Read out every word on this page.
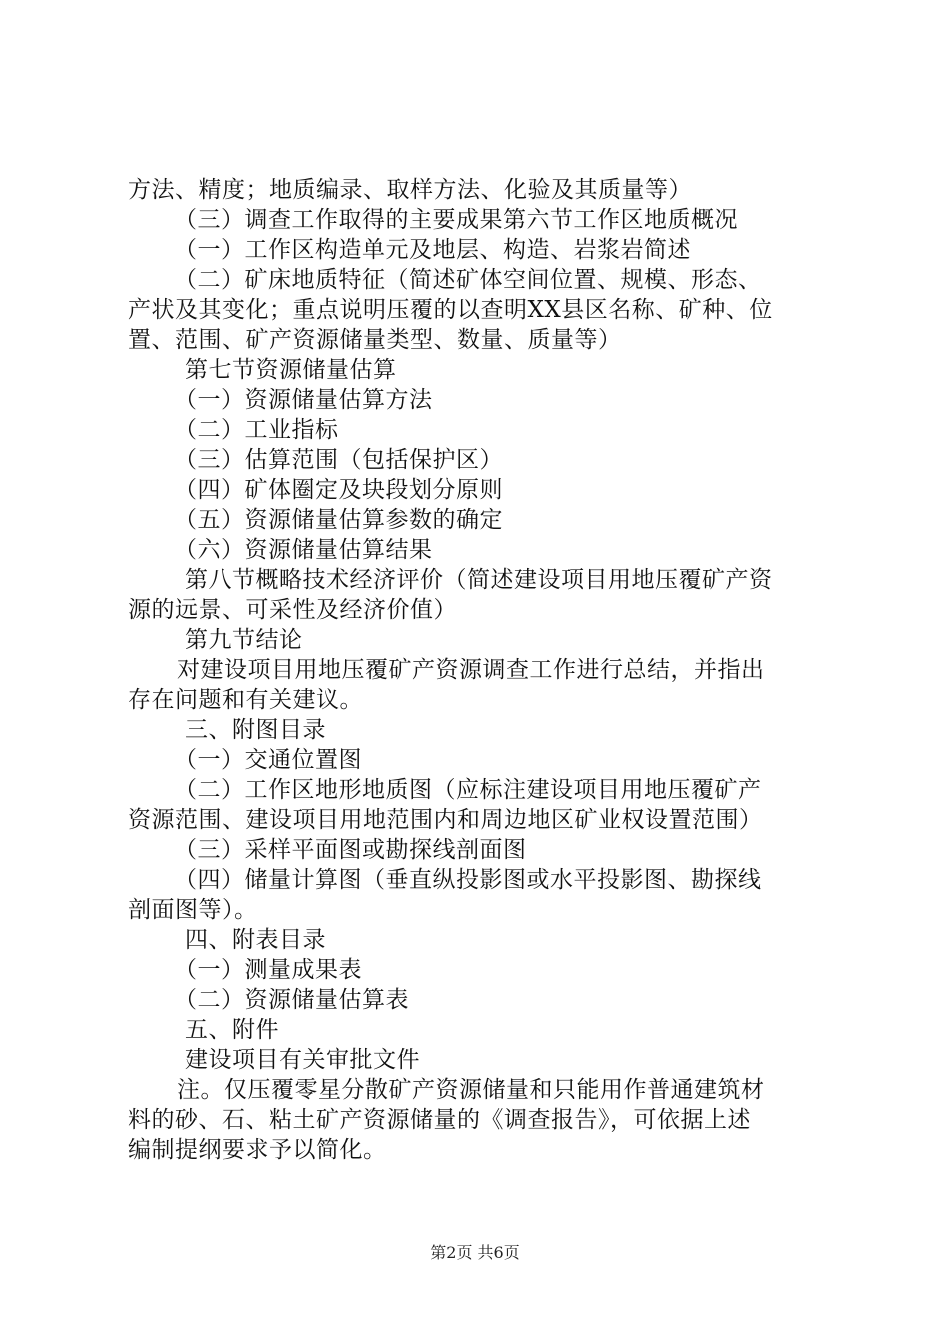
方法、精度；地质编录、取样方法、化验及其质量等）
（三）调查工作取得的主要成果第六节工作区地质概况
（一）工作区构造单元及地层、构造、岩浆岩简述
（二）矿床地质特征（简述矿体空间位置、规模、形态、
产状及其变化；重点说明压覆的以查明XX县区名称、矿种、位
置、范围、矿产资源储量类型、数量、质量等）
第七节资源储量估算
（一）资源储量估算方法
（二）工业指标
（三）估算范围（包括保护区）
（四）矿体圈定及块段划分原则
（五）资源储量估算参数的确定
（六）资源储量估算结果
第八节概略技术经济评价（简述建设项目用地压覆矿产资
源的远景、可采性及经济价值）
第九节结论
对建设项目用地压覆矿产资源调查工作进行总结，并指出
存在问题和有关建议。
三、附图目录
（一）交通位置图
（二）工作区地形地质图（应标注建设项目用地压覆矿产
资源范围、建设项目用地范围内和周边地区矿业权设置范围）
（三）采样平面图或勘探线剖面图
（四）储量计算图（垂直纵投影图或水平投影图、勘探线
剖面图等）。
四、附表目录
（一）测量成果表
（二）资源储量估算表
五、附件
建设项目有关审批文件
注。仅压覆零星分散矿产资源储量和只能用作普通建筑材
料的砂、石、粘土矿产资源储量的《调查报告》，可依据上述
编制提纲要求予以简化。
第2页 共6页
